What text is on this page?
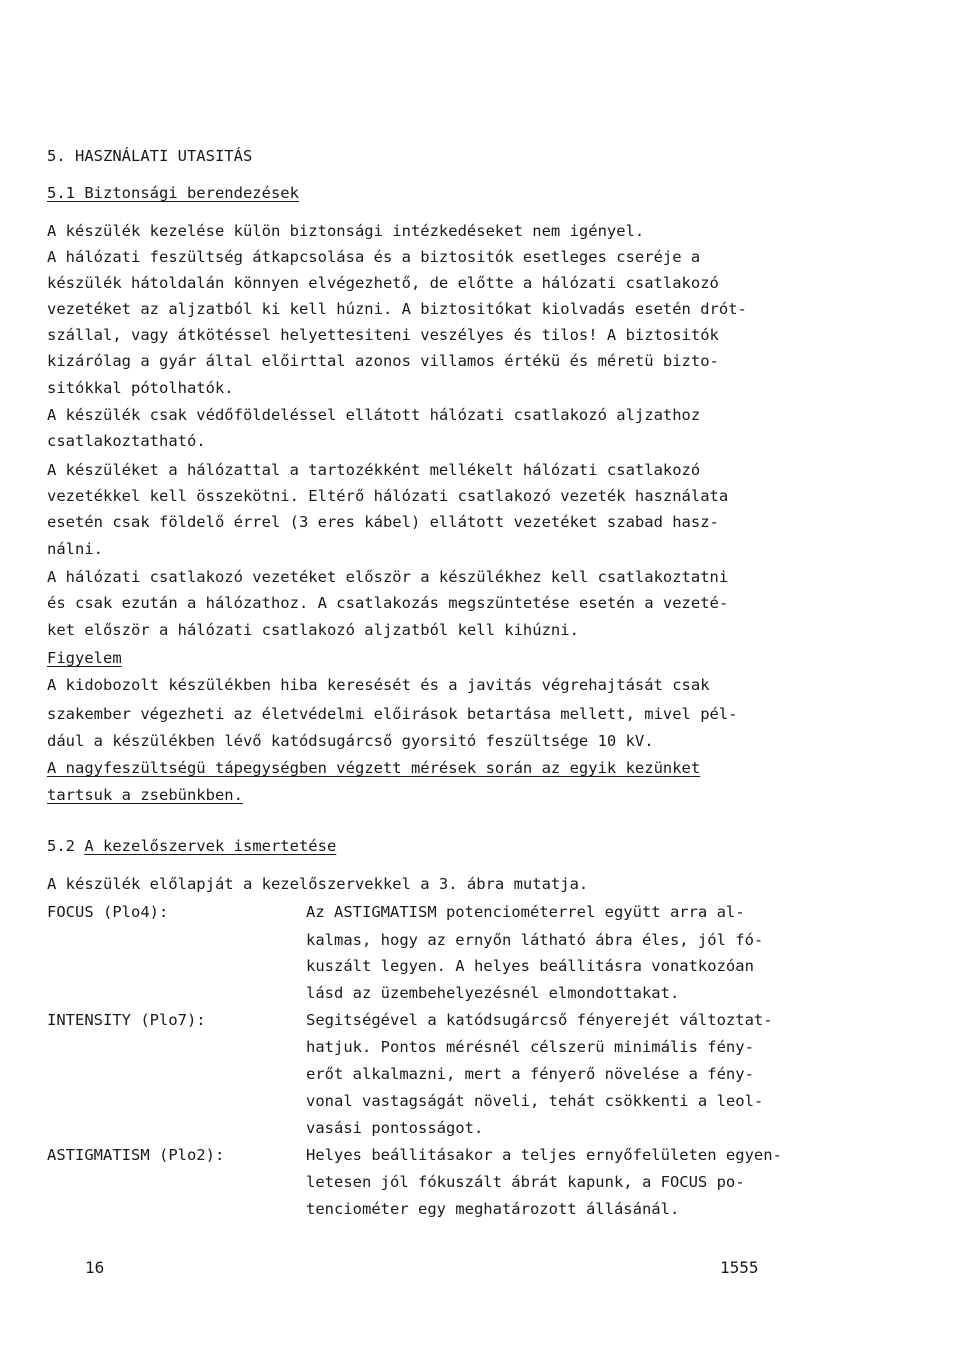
5. HASZNÁLATI UTASITÁS
5.1 Biztonsági berendezések
A készülék kezelése külön biztonsági intézkedéseket nem igényel.
A hálózati feszültség átkapcsolása és a biztositók esetleges cseréje a
készülék hátoldalán könnyen elvégezhető, de előtte a hálózati csatlakozó
vezetéket az aljzatból ki kell húzni. A biztositókat kiolvadás esetén drót-
szállal, vagy átkötéssel helyettesiteni veszélyes és tilos! A biztositók
kizárólag a gyár által előirttal azonos villamos értékü és méretü bizto-
sitókkal pótolhatók.
A készülék csak védőföldeléssel ellátott hálózati csatlakozó aljzathoz
csatlakoztatható.
A készüléket a hálózattal a tartozékként mellékelt hálózati csatlakozó
vezetékkel kell összekötni. Eltérő hálózati csatlakozó vezeték használata
esetén csak földelő érrel (3 eres kábel) ellátott vezetéket szabad hasz-
nálni.
A hálózati csatlakozó vezetéket először a készülékhez kell csatlakoztatni
és csak ezután a hálózathoz. A csatlakozás megszüntetése esetén a vezeté-
ket először a hálózati csatlakozó aljzatból kell kihúzni.
Figyelem
A kidobozolt készülékben hiba keresését és a javitás végrehajtását csak
szakember végezheti az életvédelmi előirások betartása mellett, mivel pél-
dául a készülékben lévő katódsugárcső gyorsitó feszültsége 10 kV.
A nagyfeszültségü tápegységben végzett mérések során az egyik kezünket
tartsuk a zsebünkben.
5.2 A kezelőszervek ismertetése
A készülék előlapját a kezelőszervekkel a 3. ábra mutatja.
FOCUS (Plo4):	Az ASTIGMATISM potenciométerrel együtt arra al-
kalmas, hogy az ernyőn látható ábra éles, jól fó-
kuszált legyen. A helyes beállitásra vonatkozóan
lásd az üzembehelyezésnél elmondottakat.
INTENSITY (Plo7):	Segitségével a katódsugárcső fényerejét változtat-
hatjuk. Pontos mérésnél célszerü minimális fény-
erőt alkalmazni, mert a fényerő növelése a fény-
vonal vastagságát növeli, tehát csökkenti a leol-
vasási pontosságot.
ASTIGMATISM (Plo2):	Helyes beállitásakor a teljes ernyőfelületen egyen-
letesen jól fókuszált ábrát kapunk, a FOCUS po-
tenciométer egy meghatározott állásánál.
16	1555
